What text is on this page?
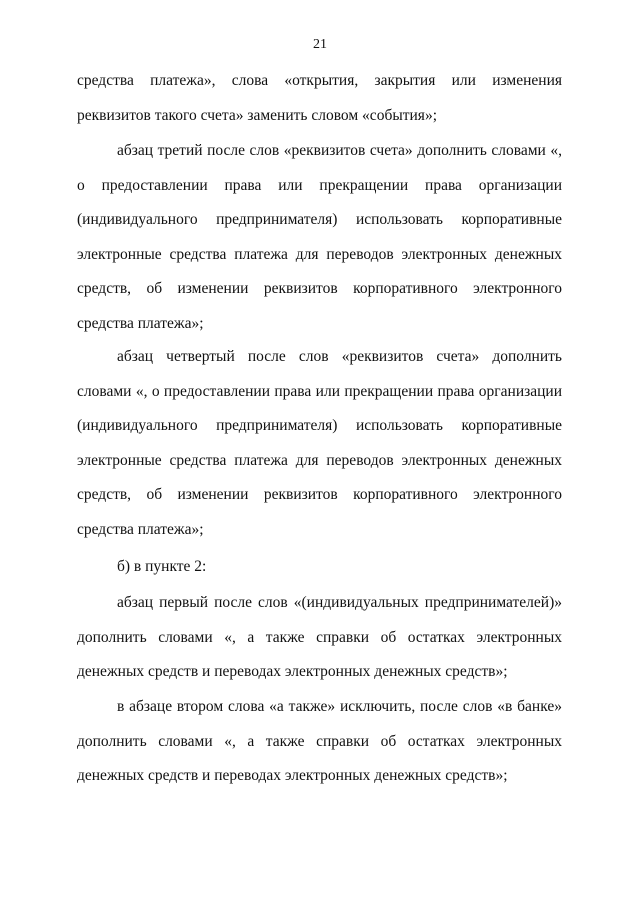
21

средства платежа», слова «открытия, закрытия или изменения реквизитов такого счета» заменить словом «события»;

абзац третий после слов «реквизитов счета» дополнить словами «, о предоставлении права или прекращении права организации (индивидуального предпринимателя) использовать корпоративные электронные средства платежа для переводов электронных денежных средств, об изменении реквизитов корпоративного электронного средства платежа»;

абзац четвертый после слов «реквизитов счета» дополнить словами «, о предоставлении права или прекращении права организации (индивидуального предпринимателя) использовать корпоративные электронные средства платежа для переводов электронных денежных средств, об изменении реквизитов корпоративного электронного средства платежа»;

б) в пункте 2:

абзац первый после слов «(индивидуальных предпринимателей)» дополнить словами «, а также справки об остатках электронных денежных средств и переводах электронных денежных средств»;

в абзаце втором слова «а также» исключить, после слов «в банке» дополнить словами «, а также справки об остатках электронных денежных средств и переводах электронных денежных средств»;
